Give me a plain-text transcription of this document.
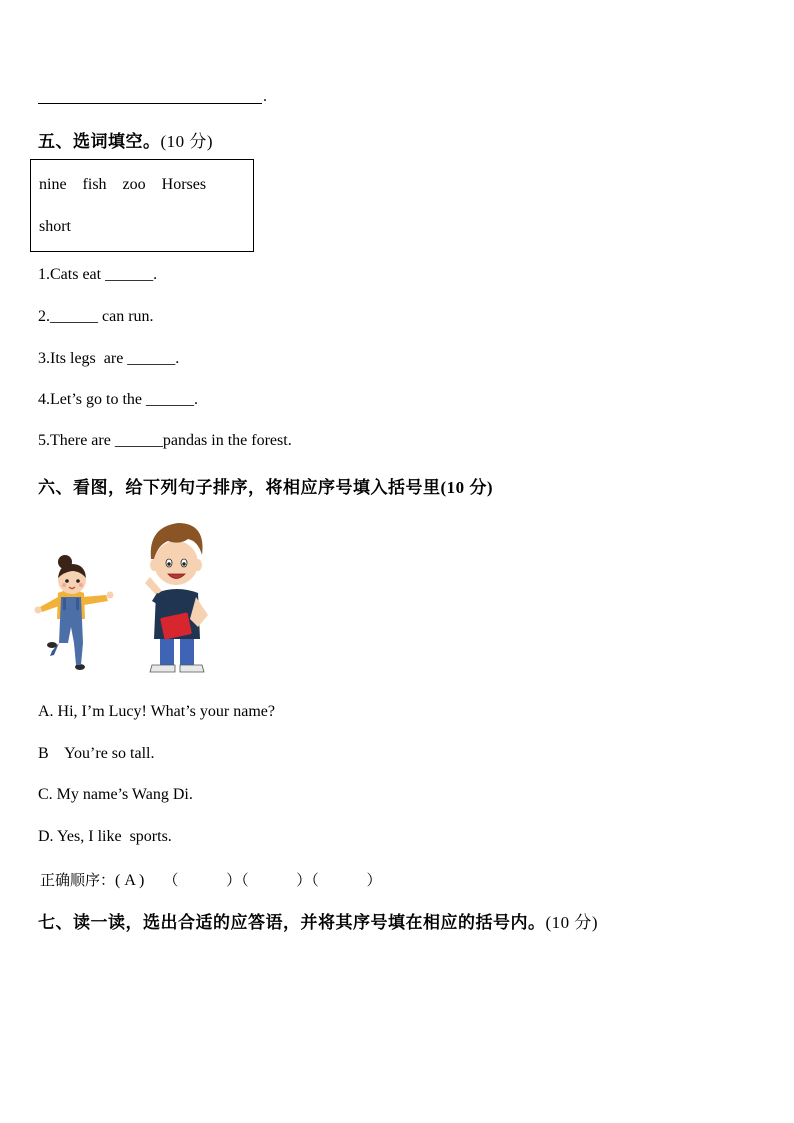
.
五、选词填空。(10 分)
nine    fish    zoo    Horses
short
1.Cats eat ______.
2.______ can run.
3.Its legs  are ______.
4.Let’s go to the ______.
5.There are ______pandas in the forest.
六、看图，给下列句子排序，将相应序号填入括号里(10 分)
A. Hi, I’m Lucy! What’s your name?
B    You’re so tall.
C. My name’s Wang Di.
D. Yes, I like  sports.
正确顺序：( A )    （          ）（          ）（          ）
七、读一读，选出合适的应答语，并将其序号填在相应的括号内。(10 分)
